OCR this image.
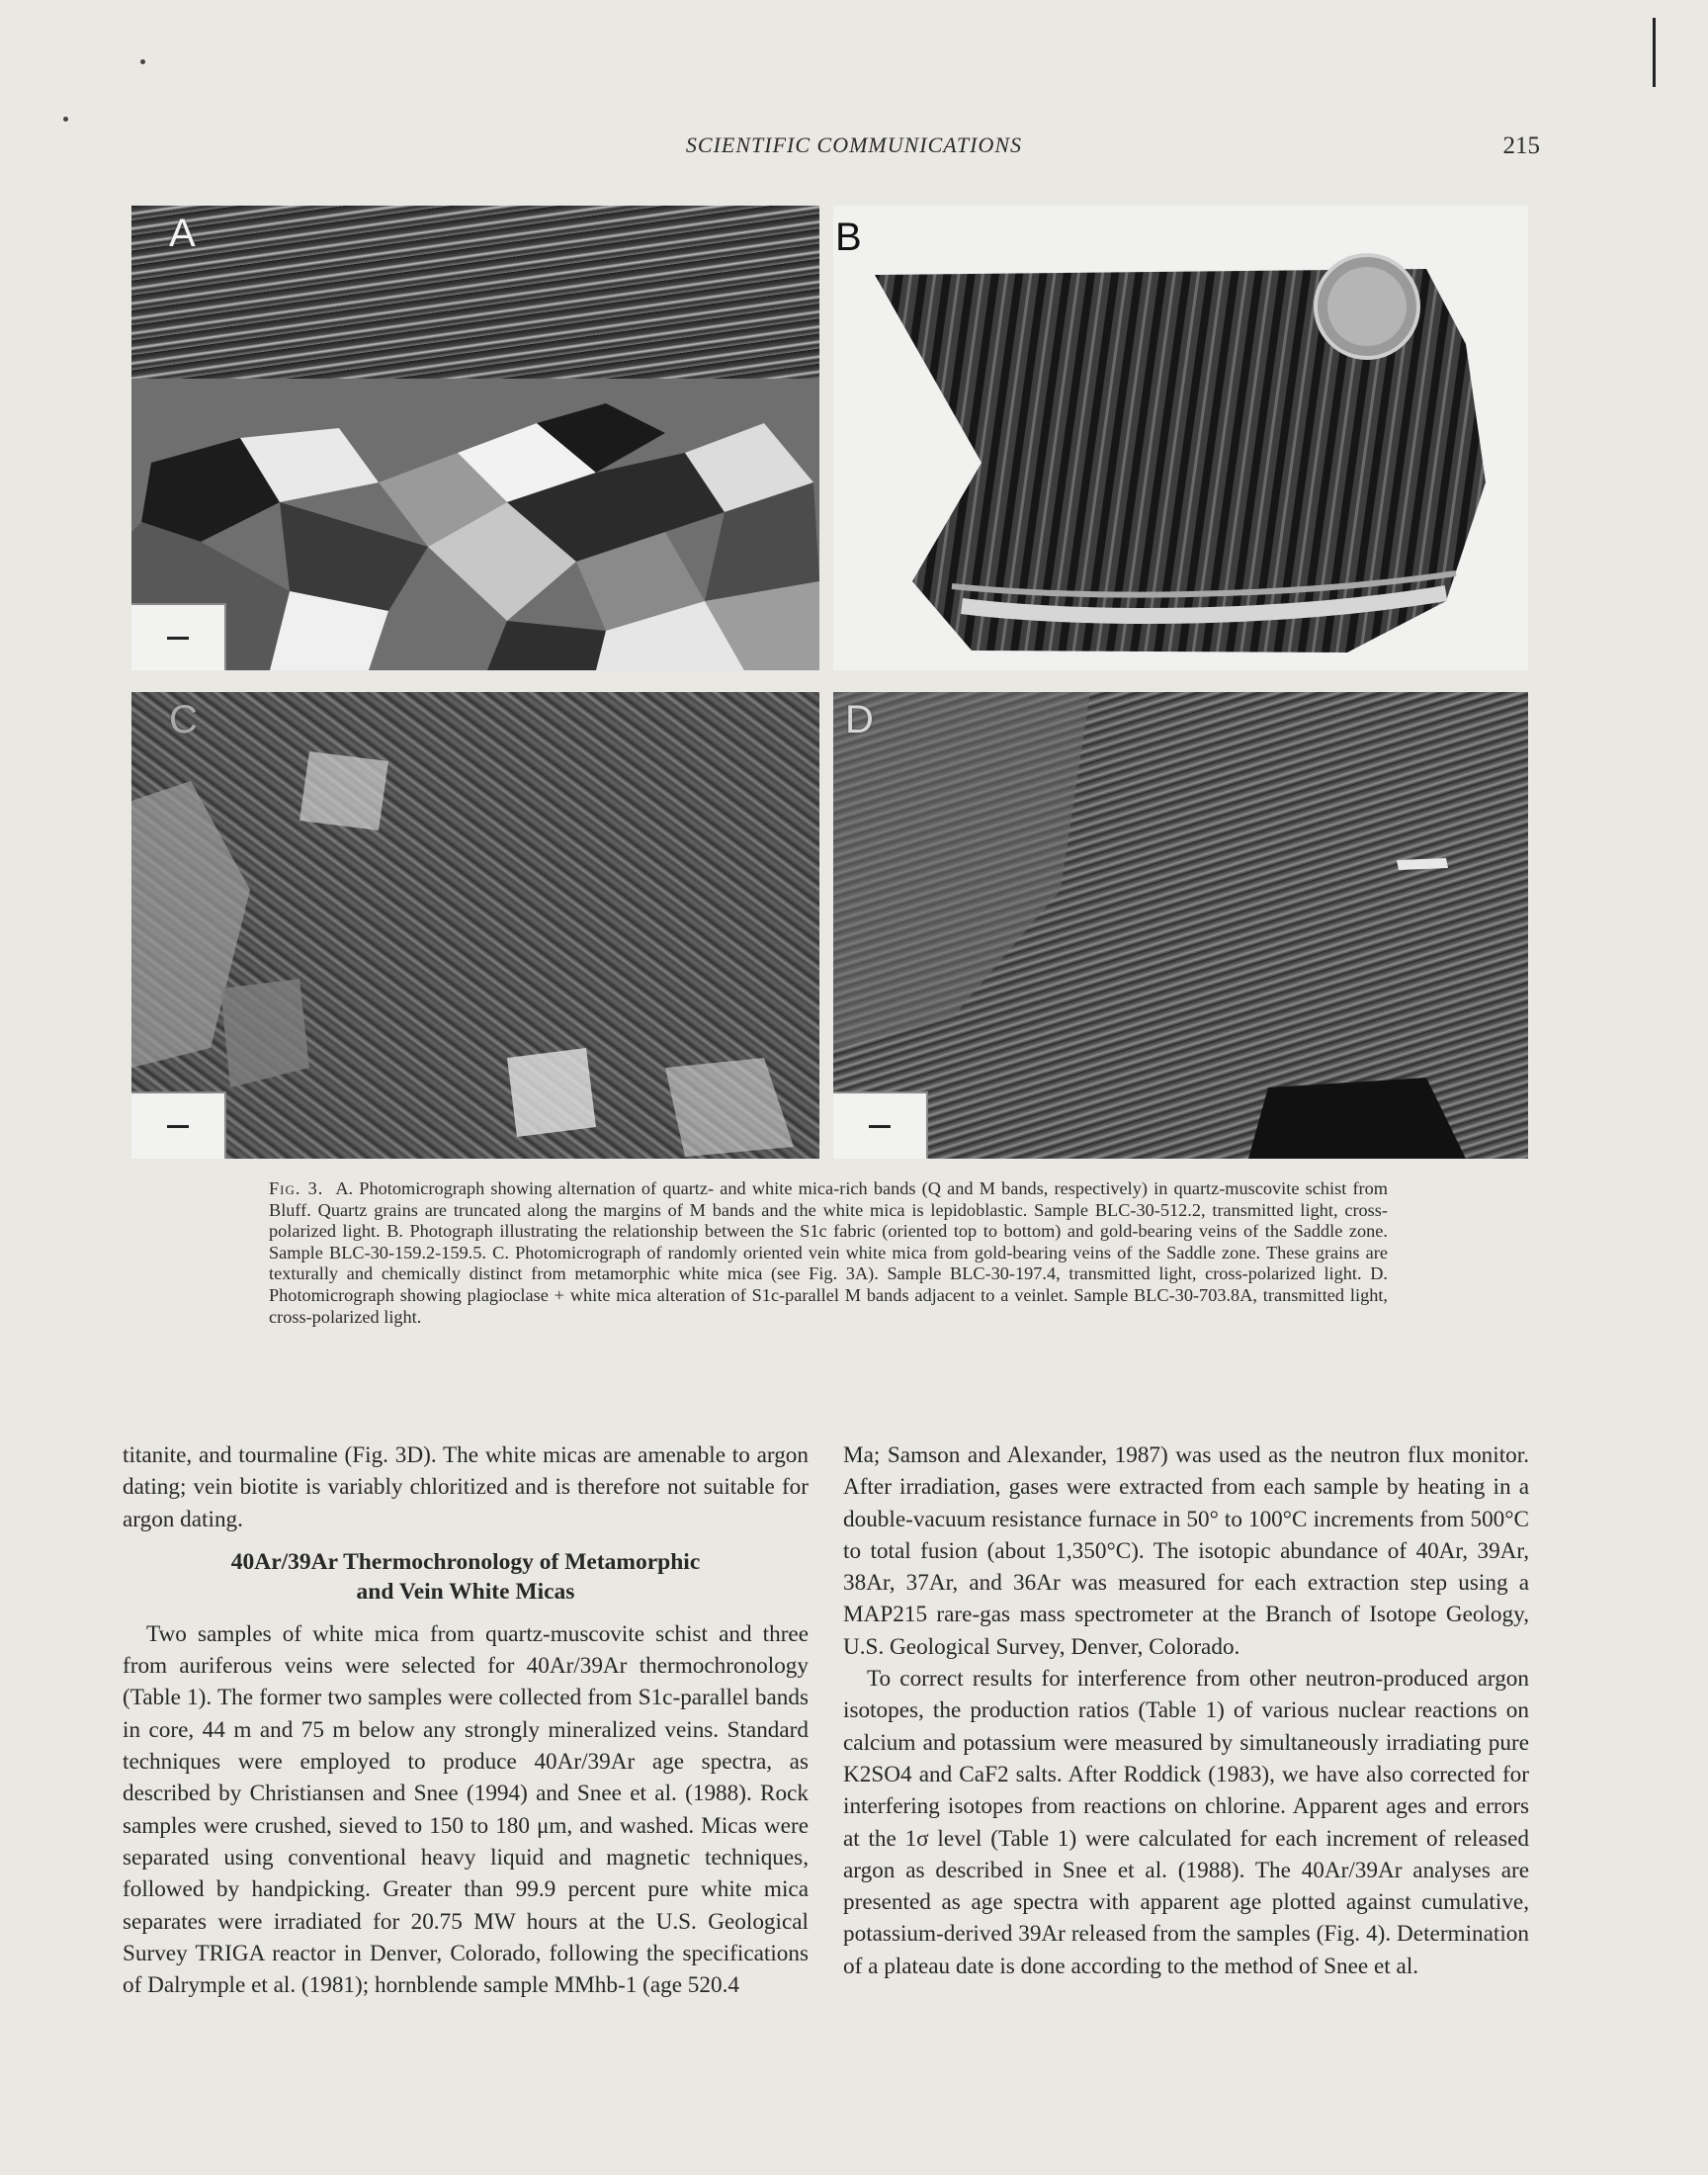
SCIENTIFIC COMMUNICATIONS	215
A	B
C	D
Fig. 3. A. Photomicrograph showing alternation of quartz- and white mica-rich bands (Q and M bands, respectively) in quartz-muscovite schist from Bluff. Quartz grains are truncated along the margins of M bands and the white mica is lepidoblastic. Sample BLC-30-512.2, transmitted light, cross-polarized light. B. Photograph illustrating the relationship between the S1c fabric (oriented top to bottom) and gold-bearing veins of the Saddle zone. Sample BLC-30-159.2-159.5. C. Photomicrograph of randomly oriented vein white mica from gold-bearing veins of the Saddle zone. These grains are texturally and chemically distinct from metamorphic white mica (see Fig. 3A). Sample BLC-30-197.4, transmitted light, cross-polarized light. D. Photomicrograph showing plagioclase + white mica alteration of S1c-parallel M bands adjacent to a veinlet. Sample BLC-30-703.8A, transmitted light, cross-polarized light.

titanite, and tourmaline (Fig. 3D). The white micas are amenable to argon dating; vein biotite is variably chloritized and is therefore not suitable for argon dating.

40Ar/39Ar Thermochronology of Metamorphic
and Vein White Micas

Two samples of white mica from quartz-muscovite schist and three from auriferous veins were selected for 40Ar/39Ar thermochronology (Table 1). The former two samples were collected from S1c-parallel bands in core, 44 m and 75 m below any strongly mineralized veins. Standard techniques were employed to produce 40Ar/39Ar age spectra, as described by Christiansen and Snee (1994) and Snee et al. (1988). Rock samples were crushed, sieved to 150 to 180 μm, and washed. Micas were separated using conventional heavy liquid and magnetic techniques, followed by handpicking. Greater than 99.9 percent pure white mica separates were irradiated for 20.75 MW hours at the U.S. Geological Survey TRIGA reactor in Denver, Colorado, following the specifications of Dalrymple et al. (1981); hornblende sample MMhb-1 (age 520.4

Ma; Samson and Alexander, 1987) was used as the neutron flux monitor. After irradiation, gases were extracted from each sample by heating in a double-vacuum resistance furnace in 50° to 100°C increments from 500°C to total fusion (about 1,350°C). The isotopic abundance of 40Ar, 39Ar, 38Ar, 37Ar, and 36Ar was measured for each extraction step using a MAP215 rare-gas mass spectrometer at the Branch of Isotope Geology, U.S. Geological Survey, Denver, Colorado.

To correct results for interference from other neutron-produced argon isotopes, the production ratios (Table 1) of various nuclear reactions on calcium and potassium were measured by simultaneously irradiating pure K2SO4 and CaF2 salts. After Roddick (1983), we have also corrected for interfering isotopes from reactions on chlorine. Apparent ages and errors at the 1σ level (Table 1) were calculated for each increment of released argon as described in Snee et al. (1988). The 40Ar/39Ar analyses are presented as age spectra with apparent age plotted against cumulative, potassium-derived 39Ar released from the samples (Fig. 4). Determination of a plateau date is done according to the method of Snee et al.
